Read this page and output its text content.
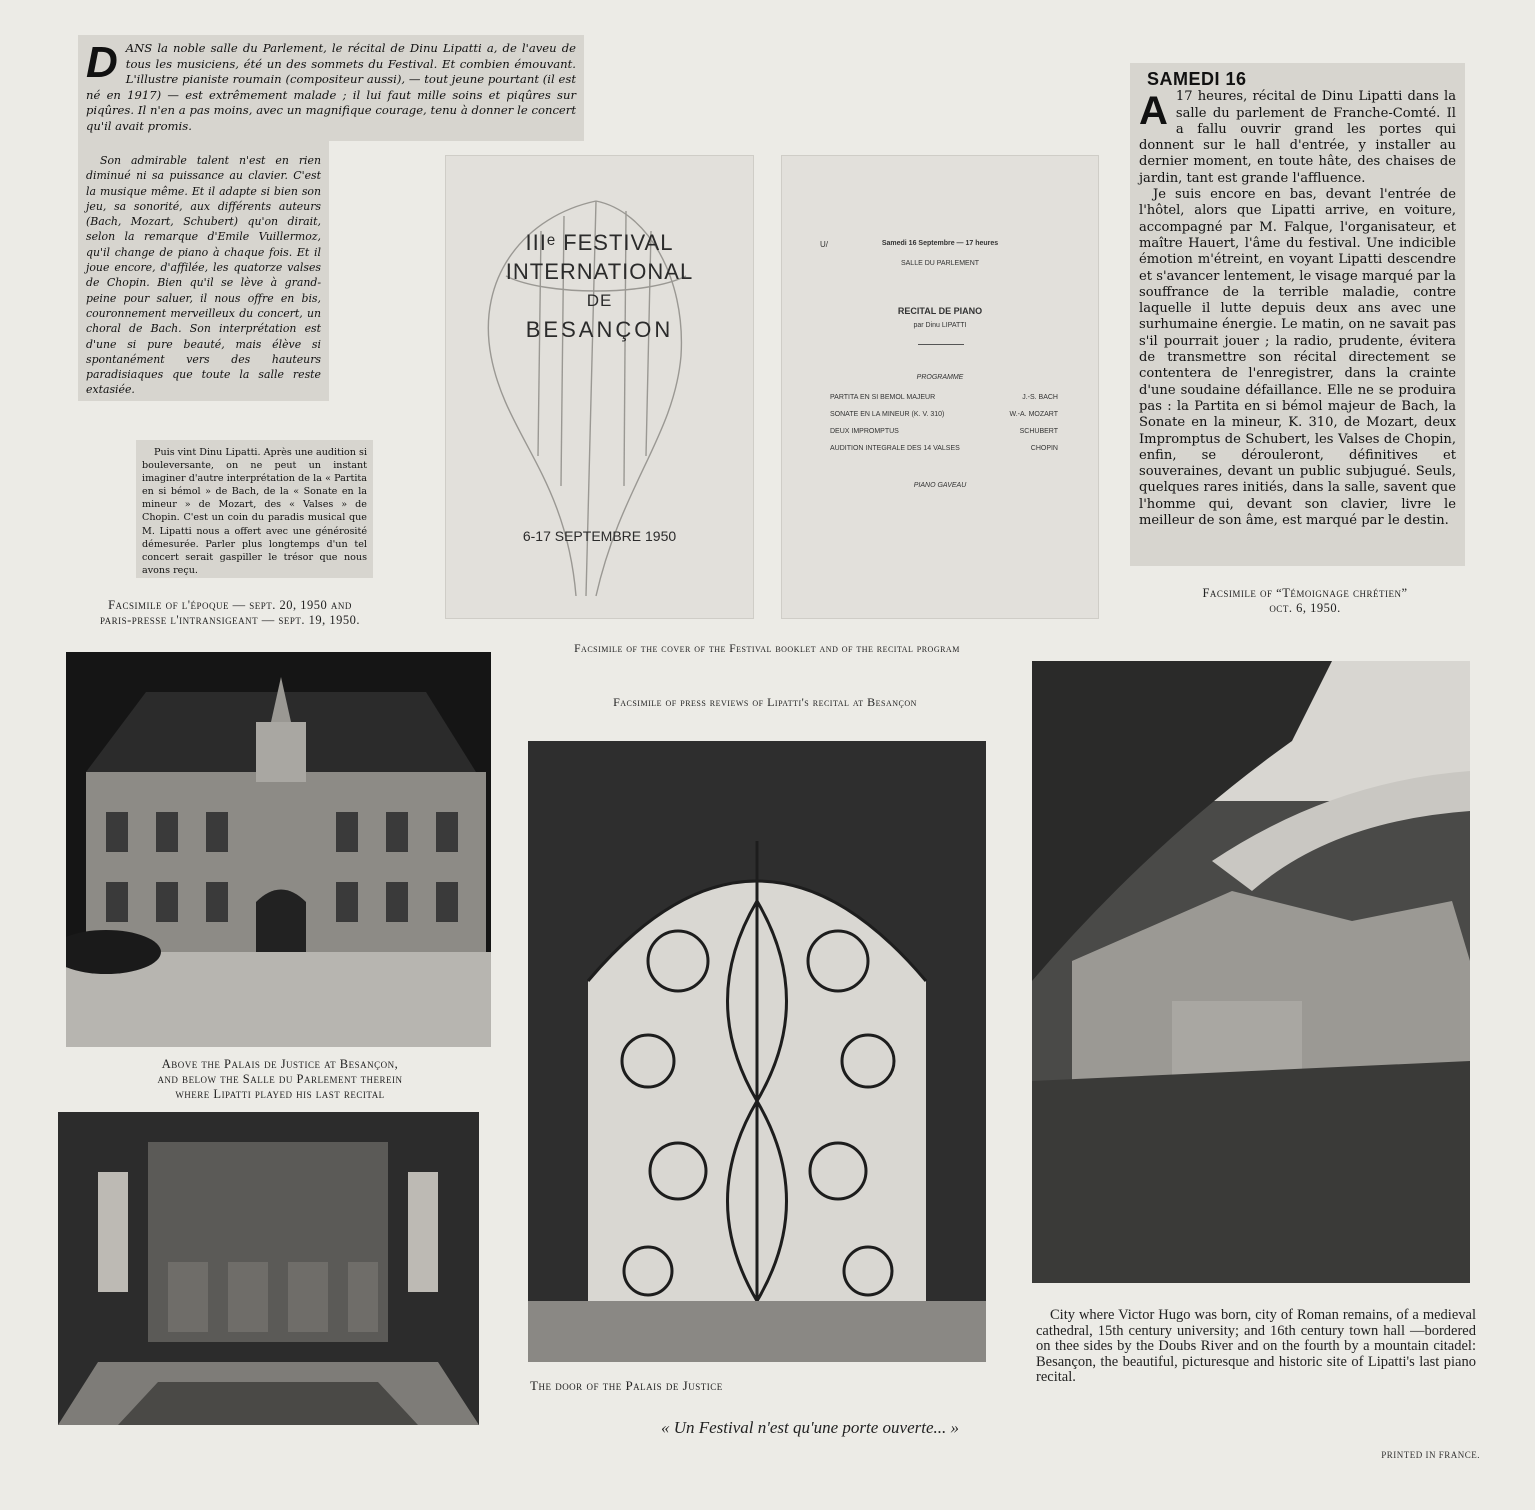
D ANS la noble salle du Parlement, le récital de Dinu Lipatti a, de l'aveu de tous les musiciens, été un des sommets du Festival. Et combien émouvant. L'illustre pianiste roumain (compositeur aussi), — tout jeune pourtant (il est né en 1917) — est extrêmement malade ; il lui faut mille soins et piqûres sur piqûres. Il n'en a pas moins, avec un magnifique courage, tenu à donner le concert qu'il avait promis.

Son admirable talent n'est en rien diminué ni sa puissance au clavier. C'est la musique même. Et il adapte si bien son jeu, sa sonorité, aux différents auteurs (Bach, Mozart, Schubert) qu'on dirait, selon la remarque d'Emile Vuillermoz, qu'il change de piano à chaque fois. Et il joue encore, d'affilée, les quatorze valses de Chopin. Bien qu'il se lève à grand-peine pour saluer, il nous offre en bis, couronnement merveilleux du concert, un choral de Bach. Son interprétation est d'une si pure beauté, mais élève si spontanément vers des hauteurs paradisiaques que toute la salle reste extasiée.

Puis vint Dinu Lipatti. Après une audition si bouleversante, on ne peut un instant imaginer d'autre interprétation de la « Partita en si bémol » de Bach, de la « Sonate en la mineur » de Mozart, des « Valses » de Chopin. C'est un coin du paradis musical que M. Lipatti nous a offert avec une générosité démesurée. Parler plus longtemps d'un tel concert serait gaspiller le trésor que nous avons reçu.

Facsimile of l'époque — sept. 20, 1950 and
paris-presse l'intransigeant — sept. 19, 1950.
IIIᵉ FESTIVAL
INTERNATIONAL
DE
BESANÇON
6-17 SEPTEMBRE 1950
U/	Samedi 16 Septembre — 17 heures
SALLE DU PARLEMENT
RECITAL DE PIANO
par Dinu LIPATTI
PROGRAMME
PARTITA EN SI BEMOL MAJEUR	J.-S. BACH
SONATE EN LA MINEUR (K. V. 310)	W.-A. MOZART
DEUX IMPROMPTUS	SCHUBERT
AUDITION INTEGRALE DES 14 VALSES	CHOPIN
PIANO GAVEAU
SAMEDI 16
A 17 heures, récital de Dinu Lipatti dans la salle du parlement de Franche-Comté. Il a fallu ouvrir grand les portes qui donnent sur le hall d'entrée, y installer au dernier moment, en toute hâte, des chaises de jardin, tant est grande l'affluence.

Je suis encore en bas, devant l'entrée de l'hôtel, alors que Lipatti arrive, en voiture, accompagné par M. Falque, l'organisateur, et maître Hauert, l'âme du festival. Une indicible émotion m'étreint, en voyant Lipatti descendre et s'avancer lentement, le visage marqué par la souffrance de la terrible maladie, contre laquelle il lutte depuis deux ans avec une surhumaine énergie. Le matin, on ne savait pas s'il pourrait jouer ; la radio, prudente, évitera de transmettre son récital directement se contentera de l'enregistrer, dans la crainte d'une soudaine défaillance. Elle ne se produira pas : la Partita en si bémol majeur de Bach, la Sonate en la mineur, K. 310, de Mozart, deux Impromptus de Schubert, les Valses de Chopin, enfin, se dérouleront, définitives et souveraines, devant un public subjugué. Seuls, quelques rares initiés, dans la salle, savent que l'homme qui, devant son clavier, livre le meilleur de son âme, est marqué par le destin.

Facsimile of “Témoignage chrétien”
oct. 6, 1950.
Facsimile of the cover of the Festival booklet and of the recital program
Facsimile of press reviews of Lipatti's recital at Besançon
Above the Palais de Justice at Besançon,
and below the Salle du Parlement therein
where Lipatti played his last recital
The door of the Palais de Justice
« Un Festival n'est qu'une porte ouverte... »
City where Victor Hugo was born, city of Roman remains, of a medieval cathedral, 15th century university; and 16th century town hall —bordered on thee sides by the Doubs River and on the fourth by a mountain citadel: Besançon, the beautiful, picturesque and historic site of Lipatti's last piano recital.
PRINTED IN FRANCE.
